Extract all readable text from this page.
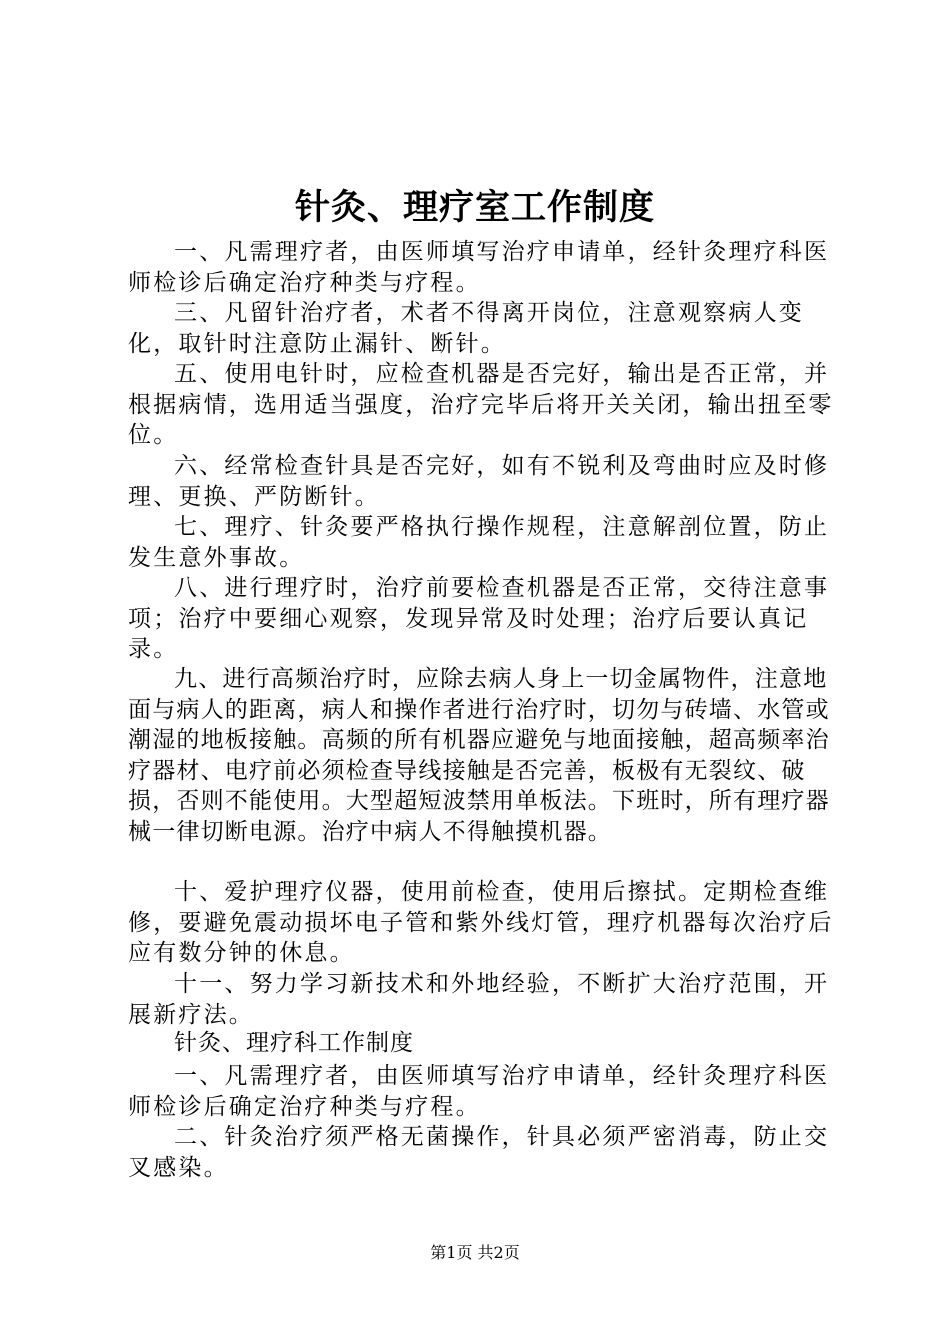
针灸、理疗室工作制度
一、凡需理疗者，由医师填写治疗申请单，经针灸理疗科医师检诊后确定治疗种类与疗程。
三、凡留针治疗者，术者不得离开岗位，注意观察病人变化，取针时注意防止漏针、断针。
五、使用电针时，应检查机器是否完好，输出是否正常，并根据病情，选用适当强度，治疗完毕后将开关关闭，输出扭至零位。
六、经常检查针具是否完好，如有不锐利及弯曲时应及时修理、更换、严防断针。
七、理疗、针灸要严格执行操作规程，注意解剖位置，防止发生意外事故。
八、进行理疗时，治疗前要检查机器是否正常，交待注意事项；治疗中要细心观察，发现异常及时处理；治疗后要认真记录。
九、进行高频治疗时，应除去病人身上一切金属物件，注意地面与病人的距离，病人和操作者进行治疗时，切勿与砖墙、水管或潮湿的地板接触。高频的所有机器应避免与地面接触，超高频率治疗器材、电疗前必须检查导线接触是否完善，板极有无裂纹、破损，否则不能使用。大型超短波禁用单板法。下班时，所有理疗器械一律切断电源。治疗中病人不得触摸机器。
十、爱护理疗仪器，使用前检查，使用后擦拭。定期检查维修，要避免震动损坏电子管和紫外线灯管，理疗机器每次治疗后应有数分钟的休息。
十一、努力学习新技术和外地经验，不断扩大治疗范围，开展新疗法。
针灸、理疗科工作制度
一、凡需理疗者，由医师填写治疗申请单，经针灸理疗科医师检诊后确定治疗种类与疗程。
二、针灸治疗须严格无菌操作，针具必须严密消毒，防止交叉感染。
第1页 共2页
